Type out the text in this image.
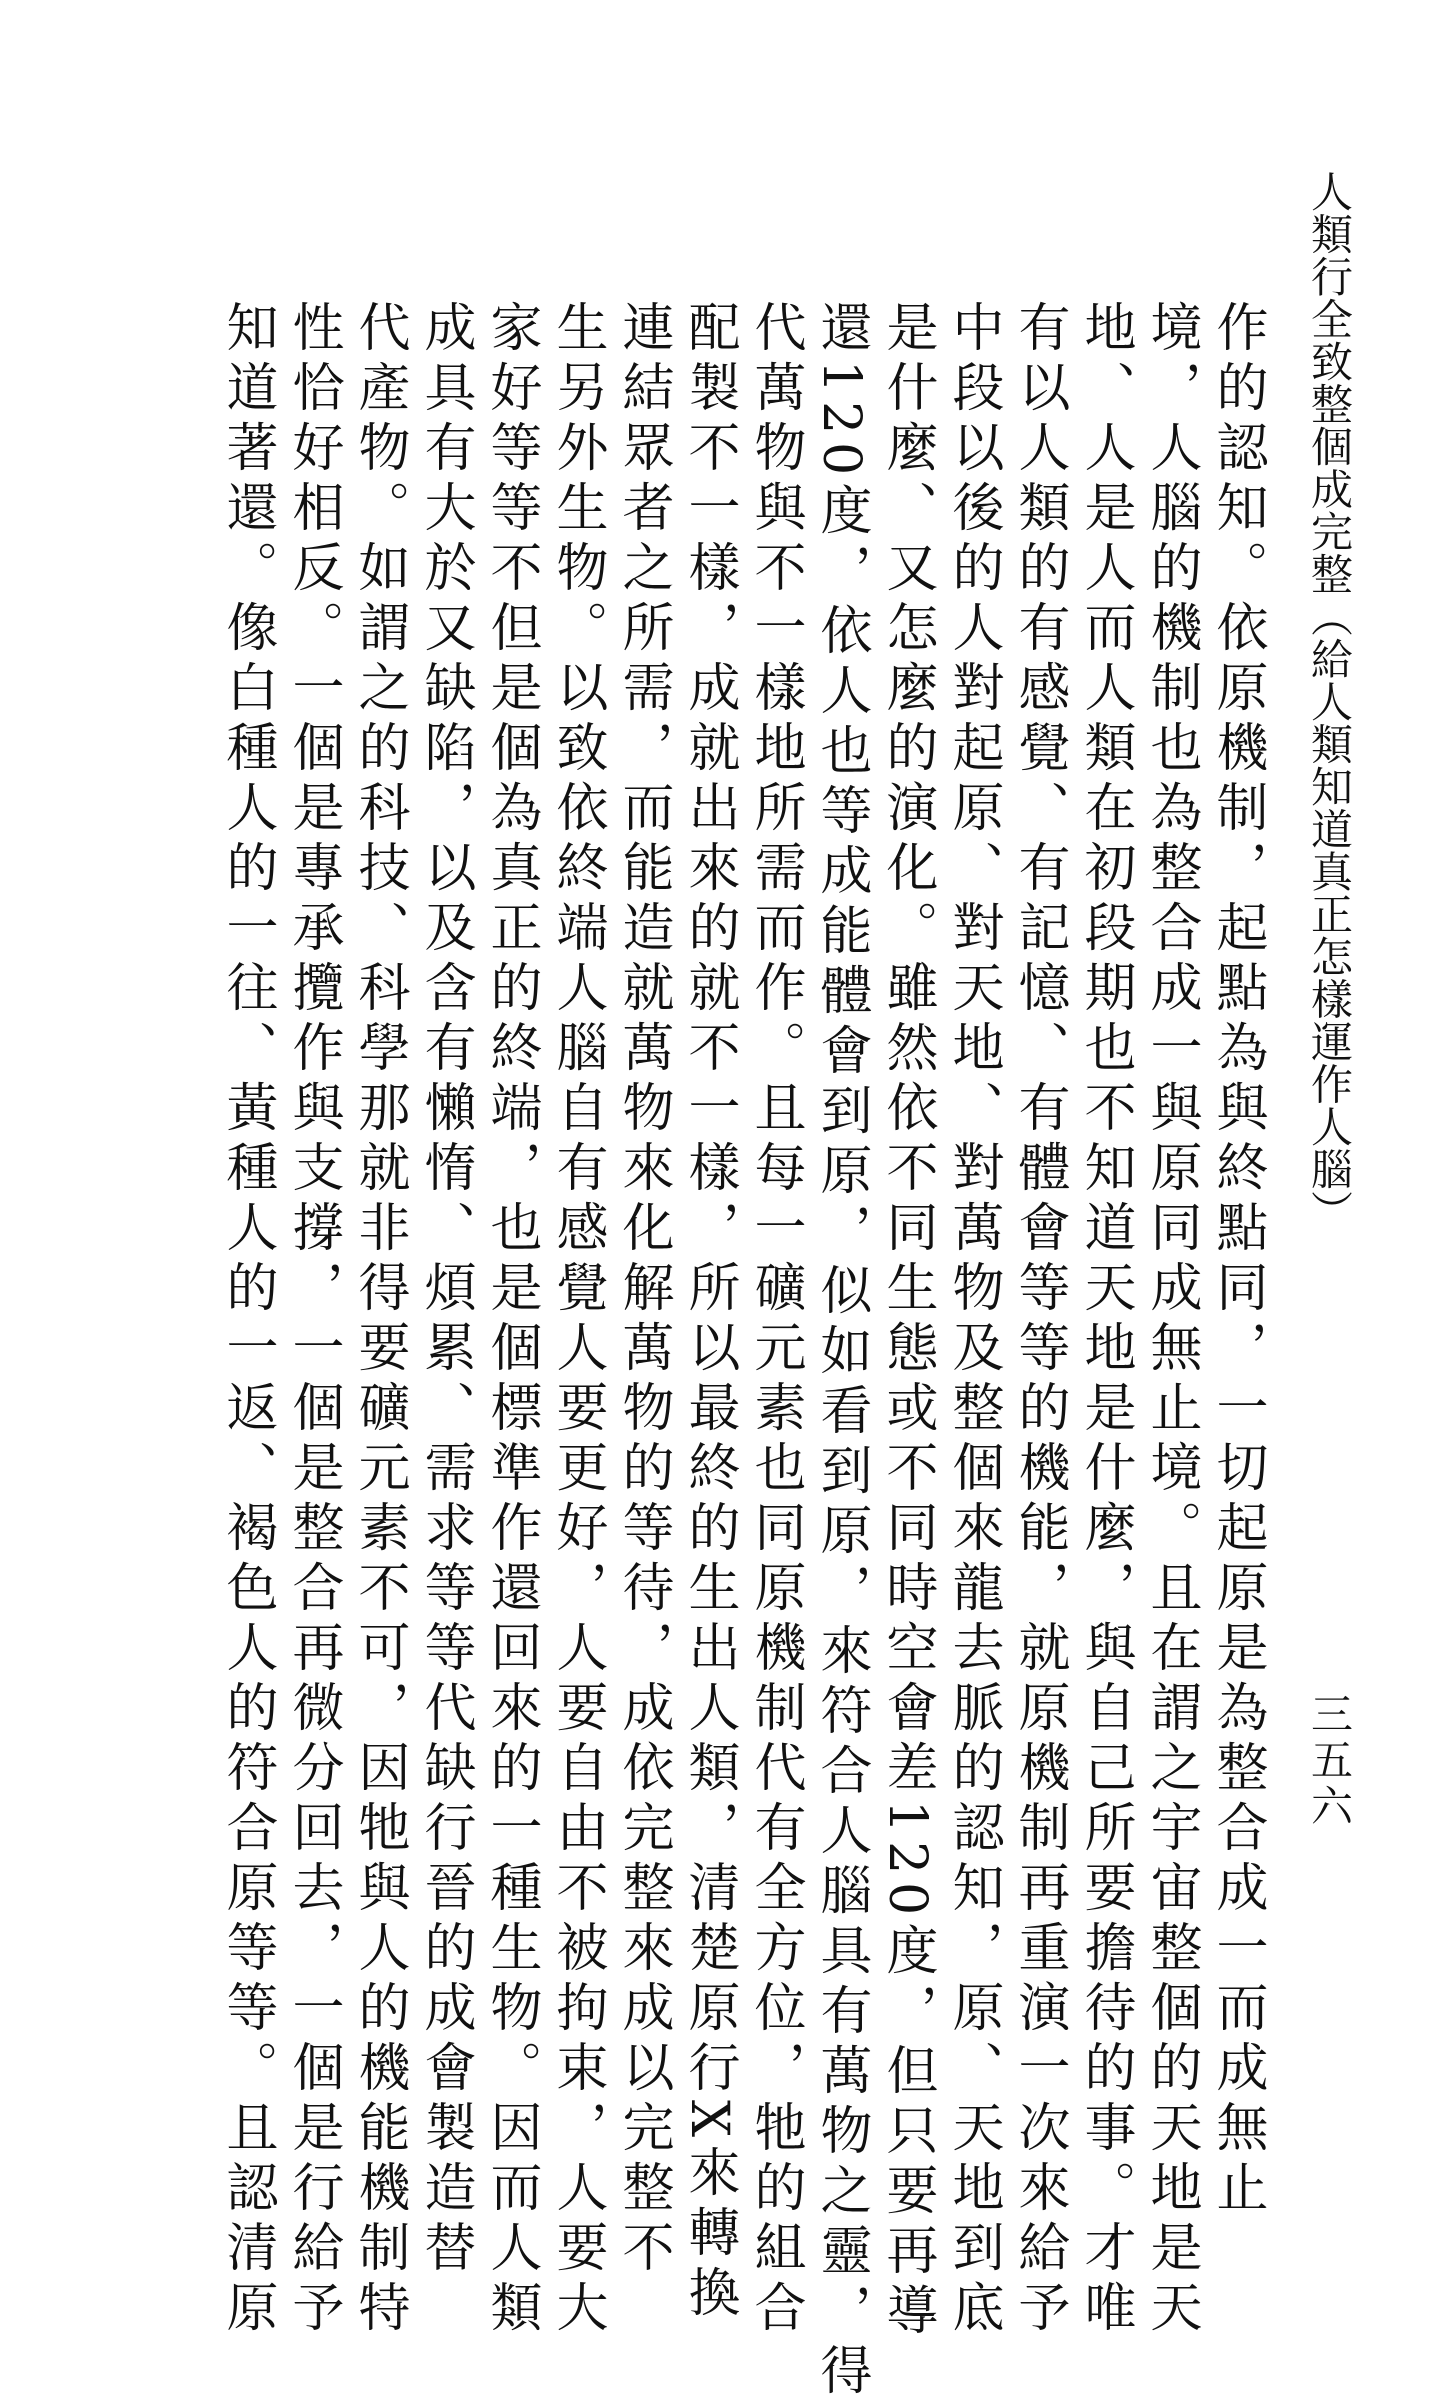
人類行全致整個成完整（給人類知道真正怎樣運作人腦）
三五六
作的認知。依原機制，起點為與終點同，一切起原是為整合成一而成無止
境，人腦的機制也為整合成一與原同成無止境。且在謂之宇宙整個的天地是天
地、人是人而人類在初段期也不知道天地是什麼，與自己所要擔待的事。才唯
有以人類的有感覺、有記憶、有體會等等的機能，就原機制再重演一次來給予
中段以後的人對起原、對天地、對萬物及整個來龍去脈的認知，原、天地到底
是什麼、又怎麼的演化。雖然依不同生態或不同時空會差120度，但只要再導
還120度，依人也等成能體會到原，似如看到原，來符合人腦具有萬物之靈，得
代萬物與不一樣地所需而作。且每一礦元素也同原機制代有全方位，牠的組合
配製不一樣，成就出來的就不一樣，所以最終的生出人類，清楚原行X來轉換
連結眾者之所需，而能造就萬物來化解萬物的等待，成依完整來成以完整不
生另外生物。以致依終端人腦自有感覺人要更好，人要自由不被拘束，人要大
家好等等不但是個為真正的終端，也是個標準作還回來的一種生物。因而人類
成具有大於又缺陷，以及含有懶惰、煩累、需求等等代缺行晉的成會製造替
代產物。如謂之的科技、科學那就非得要礦元素不可，因牠與人的機能機制特
性恰好相反。一個是專承攬作與支撐，一個是整合再微分回去，一個是行給予
知道著還。像白種人的一往、黃種人的一返、褐色人的符合原等等。且認清原
